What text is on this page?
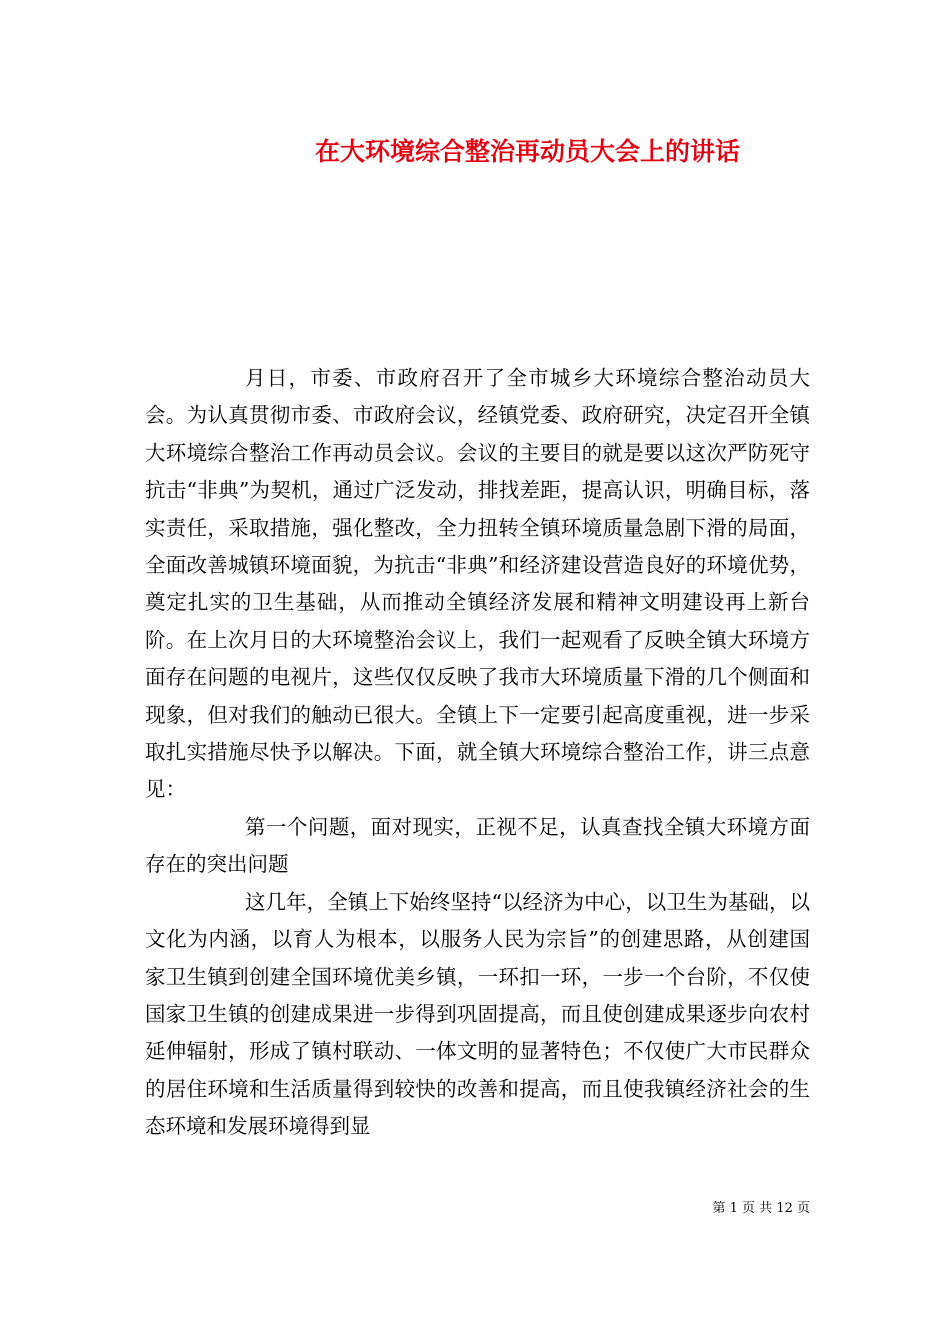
在大环境综合整治再动员大会上的讲话

月日，市委、市政府召开了全市城乡大环境综合整治动员大会。为认真贯彻市委、市政府会议，经镇党委、政府研究，决定召开全镇大环境综合整治工作再动员会议。会议的主要目的就是要以这次严防死守抗击“非典”为契机，通过广泛发动，排找差距，提高认识，明确目标，落实责任，采取措施，强化整改，全力扭转全镇环境质量急剧下滑的局面，全面改善城镇环境面貌，为抗击“非典”和经济建设营造良好的环境优势，奠定扎实的卫生基础，从而推动全镇经济发展和精神文明建设再上新台阶。在上次月日的大环境整治会议上，我们一起观看了反映全镇大环境方面存在问题的电视片，这些仅仅反映了我市大环境质量下滑的几个侧面和现象，但对我们的触动已很大。全镇上下一定要引起高度重视，进一步采取扎实措施尽快予以解决。下面，就全镇大环境综合整治工作，讲三点意见：

第一个问题，面对现实，正视不足，认真查找全镇大环境方面存在的突出问题

这几年，全镇上下始终坚持“以经济为中心，以卫生为基础，以文化为内涵，以育人为根本，以服务人民为宗旨”的创建思路，从创建国家卫生镇到创建全国环境优美乡镇，一环扣一环，一步一个台阶，不仅使国家卫生镇的创建成果进一步得到巩固提高，而且使创建成果逐步向农村延伸辐射，形成了镇村联动、一体文明的显著特色；不仅使广大市民群众的居住环境和生活质量得到较快的改善和提高，而且使我镇经济社会的生态环境和发展环境得到显

第 1 页 共 12 页
